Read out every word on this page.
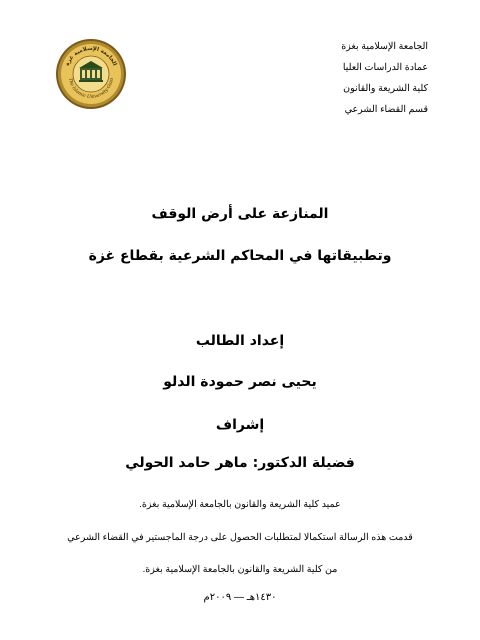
الجامعة الإسلامية بغزة
عمادة الدراسات العليا
كلية الشريعة والقانون
قسم القضاء الشرعي
الجامعة الإسلامية غزة
The Islamic University Gaza
المنازعة على أرض الوقف
وتطبيقاتها في المحاكم الشرعية بقطاع غزة
إعداد الطالب
يحيى نصر حمودة الدلو
إشراف
فضيلة الدكتور: ماهر حامد الحولي
عميد كلية الشريعة والقانون بالجامعة الإسلامية بغزة.
قدمت هذه الرسالة استكمالا لمتطلبات الحصول على درجة الماجستير في القضاء الشرعي
من كلية الشريعة والقانون بالجامعة الإسلامية بغزة.
١٤٣٠هـ — ٢٠٠٩م
